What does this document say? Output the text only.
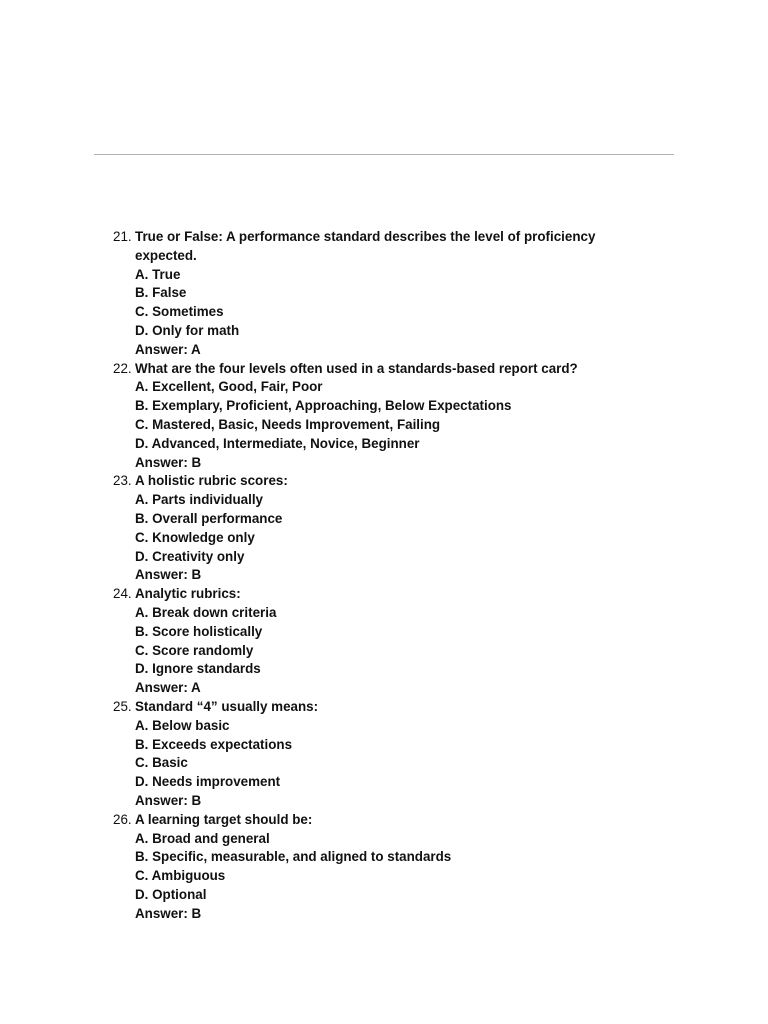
21. True or False: A performance standard describes the level of proficiency expected.
A. True
B. False
C. Sometimes
D. Only for math
Answer: A
22. What are the four levels often used in a standards-based report card?
A. Excellent, Good, Fair, Poor
B. Exemplary, Proficient, Approaching, Below Expectations
C. Mastered, Basic, Needs Improvement, Failing
D. Advanced, Intermediate, Novice, Beginner
Answer: B
23. A holistic rubric scores:
A. Parts individually
B. Overall performance
C. Knowledge only
D. Creativity only
Answer: B
24. Analytic rubrics:
A. Break down criteria
B. Score holistically
C. Score randomly
D. Ignore standards
Answer: A
25. Standard “4” usually means:
A. Below basic
B. Exceeds expectations
C. Basic
D. Needs improvement
Answer: B
26. A learning target should be:
A. Broad and general
B. Specific, measurable, and aligned to standards
C. Ambiguous
D. Optional
Answer: B
